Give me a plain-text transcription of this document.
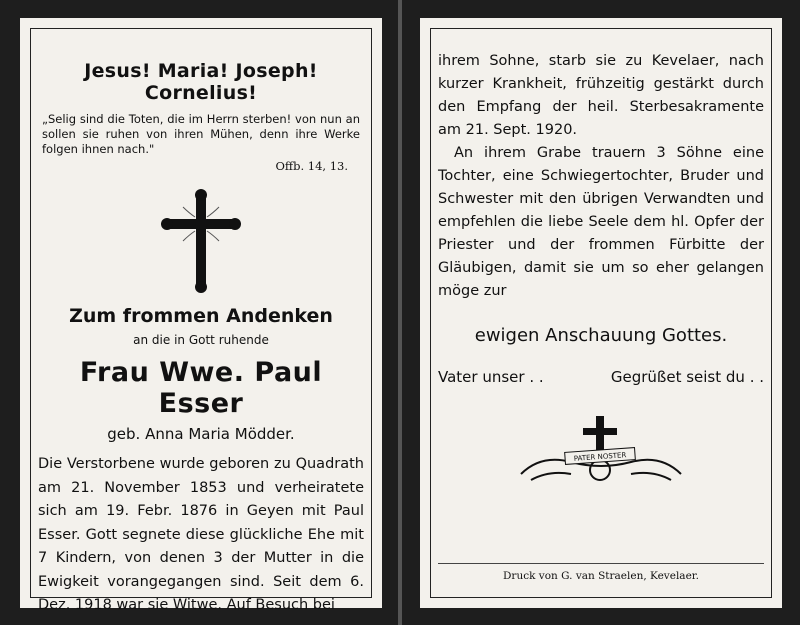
Jesus! Maria! Joseph! Cornelius!
„Selig sind die Toten, die im Herrn sterben! von nun an sollen sie ruhen von ihren Mühen, denn ihre Werke folgen ihnen nach."
Offb. 14, 13.
Zum frommen Andenken
an die in Gott ruhende
Frau Wwe. Paul Esser
geb. Anna Maria Mödder.
Die Verstorbene wurde geboren zu Quadrath am 21. November 1853 und verheiratete sich am 19. Febr. 1876 in Geyen mit Paul Esser. Gott segnete diese glückliche Ehe mit 7 Kindern, von denen 3 der Mutter in die Ewigkeit vorangegangen sind. Seit dem 6. Dez. 1918 war sie Witwe. Auf Besuch bei
ihrem Sohne, starb sie zu Kevelaer, nach kurzer Krankheit, frühzeitig gestärkt durch den Empfang der heil. Sterbesakramente am 21. Sept. 1920.
An ihrem Grabe trauern 3 Söhne eine Tochter, eine Schwiegertochter, Bruder und Schwester mit den übrigen Verwandten und empfehlen die liebe Seele dem hl. Opfer der Priester und der frommen Fürbitte der Gläubigen, damit sie um so eher gelangen möge zur
ewigen Anschauung Gottes.
Vater unser . .	Gegrüßet seist du . .
PATER NOSTER
Druck von G. van Straelen, Kevelaer.
